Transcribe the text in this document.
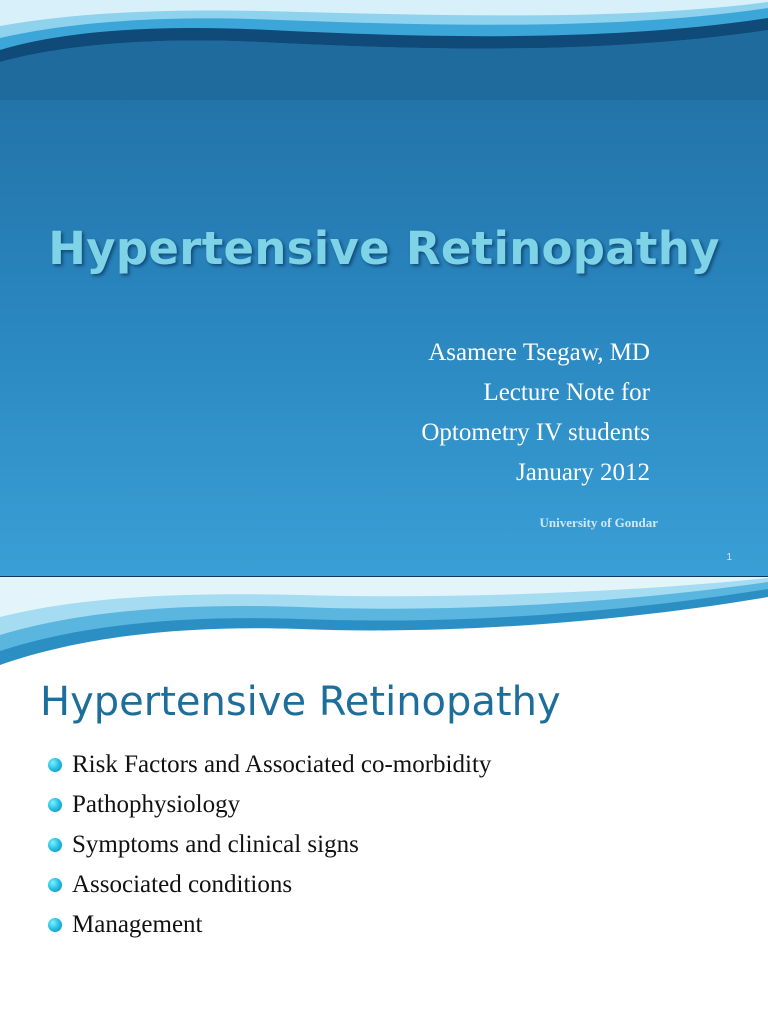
Hypertensive Retinopathy
Asamere Tsegaw, MD
Lecture Note for
Optometry IV students
January 2012
University of Gondar
1
Hypertensive Retinopathy
Risk Factors and Associated co-morbidity
Pathophysiology
Symptoms and clinical signs
Associated conditions
Management
